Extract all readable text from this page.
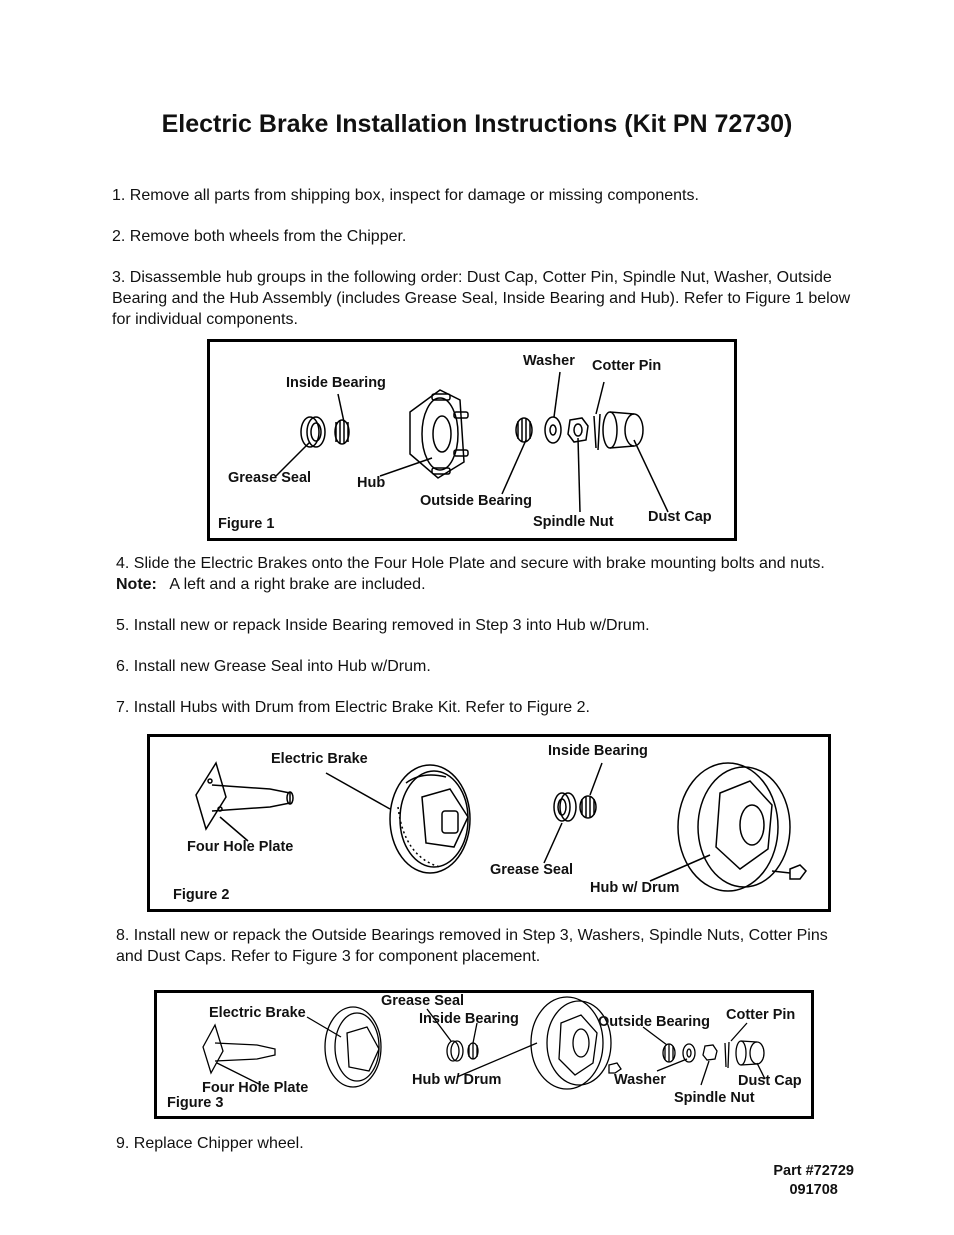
Electric Brake Installation Instructions (Kit PN 72730)
1. Remove all parts from shipping box, inspect for damage or missing components.
2. Remove both wheels from the Chipper.
3. Disassemble hub groups in the following order: Dust Cap, Cotter Pin, Spindle Nut, Washer, Outside Bearing and the Hub Assembly (includes Grease Seal, Inside Bearing and Hub). Refer to Figure 1 below for individual components.
Inside Bearing
Washer Cotter Pin
Grease Seal	Hub
Outside Bearing
Spindle Nut Dust Cap
Figure 1
4. Slide the Electric Brakes onto the Four Hole Plate and secure with brake mounting bolts and nuts.   Note: A left and a right brake are included.
5. Install new or repack Inside Bearing removed in Step 3 into Hub w/Drum.
6. Install new Grease Seal into Hub w/Drum.
7. Install Hubs with Drum from Electric Brake Kit. Refer to Figure 2.
Electric Brake	Inside Bearing
Four Hole Plate
Grease Seal
Hub w/ Drum
Figure 2
8. Install new or repack the Outside Bearings removed in Step 3, Washers, Spindle Nuts, Cotter Pins and Dust Caps. Refer to Figure 3 for component placement.
Electric Brake
Grease Seal
Inside Bearing	Outside Bearing Cotter Pin
Four Hole Plate	Hub w/ Drum	Washer	Dust Cap
Spindle Nut
Figure 3
9. Replace Chipper wheel.
Part #72729
091708
